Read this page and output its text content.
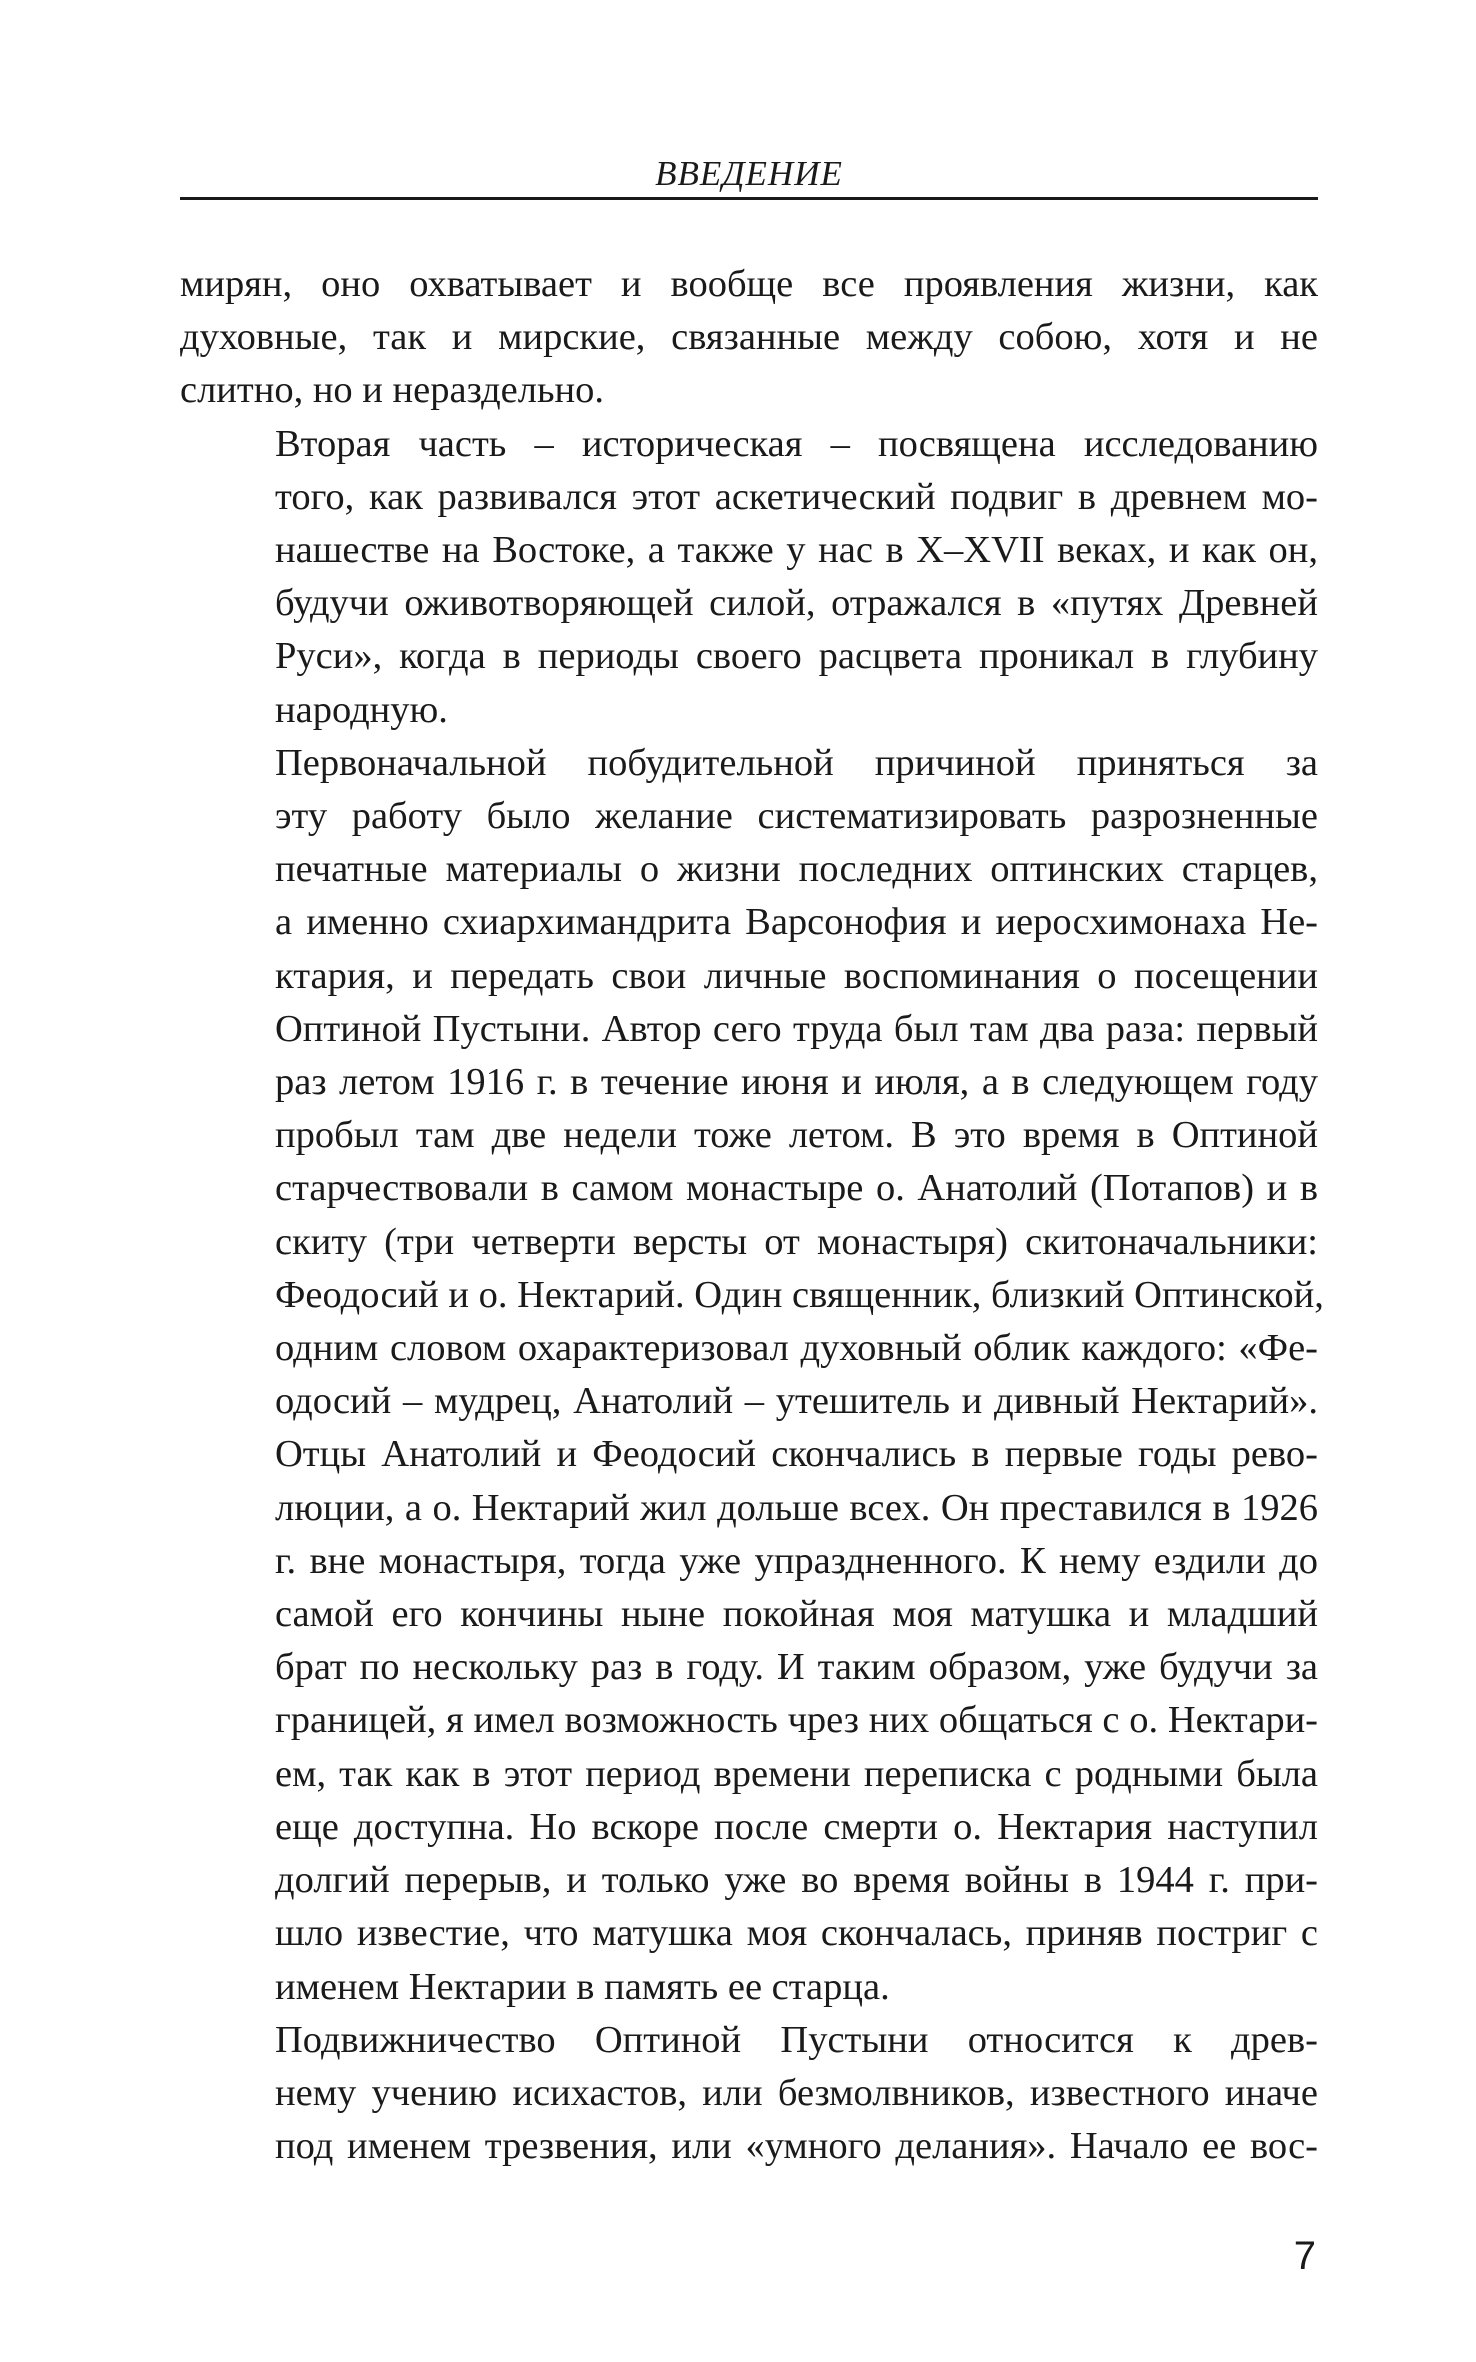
ВВЕДЕНИЕ

мирян, оно охватывает и вообще все проявления жизни, как
духовные, так и мирские, связанные между собою, хотя и не
слитно, но и нераздельно.

Вторая часть – историческая – посвящена исследованию
того, как развивался этот аскетический подвиг в древнем мо-
нашестве на Востоке, а также у нас в X–XVII веках, и как он,
будучи оживотворяющей силой, отражался в «путях Древней
Руси», когда в периоды своего расцвета проникал в глубину
народную.

Первоначальной побудительной причиной приняться за
эту работу было желание систематизировать разрозненные
печатные материалы о жизни последних оптинских старцев,
а именно схиархимандрита Варсонофия и иеросхимонаха Не-
ктария, и передать свои личные воспоминания о посещении
Оптиной Пустыни. Автор сего труда был там два раза: первый
раз летом 1916 г. в течение июня и июля, а в следующем году
пробыл там две недели тоже летом. В это время в Оптиной
старчествовали в самом монастыре о. Анатолий (Потапов) и в
скиту (три четверти версты от монастыря) скитоначальники:
Феодосий и о. Нектарий. Один священник, близкий Оптинской,
одним словом охарактеризовал духовный облик каждого: «Фе-
одосий – мудрец, Анатолий – утешитель и дивный Нектарий».
Отцы Анатолий и Феодосий скончались в первые годы рево-
люции, а о. Нектарий жил дольше всех. Он преставился в 1926
г. вне монастыря, тогда уже упраздненного. К нему ездили до
самой его кончины ныне покойная моя матушка и младший
брат по нескольку раз в году. И таким образом, уже будучи за
границей, я имел возможность чрез них общаться с о. Нектари-
ем, так как в этот период времени переписка с родными была
еще доступна. Но вскоре после смерти о. Нектария наступил
долгий перерыв, и только уже во время войны в 1944 г. при-
шло известие, что матушка моя скончалась, приняв постриг с
именем Нектарии в память ее старца.

Подвижничество Оптиной Пустыни относится к древ-
нему учению исихастов, или безмолвников, известного иначе
под именем трезвения, или «умного делания». Начало ее вос-

7
